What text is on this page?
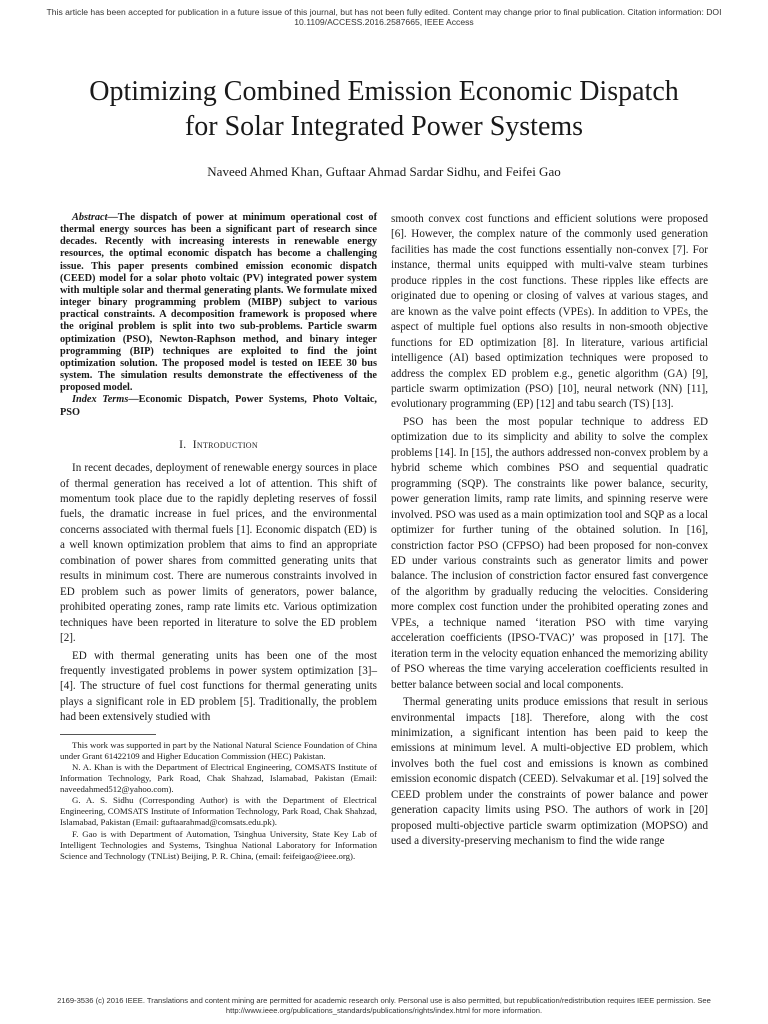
This article has been accepted for publication in a future issue of this journal, but has not been fully edited. Content may change prior to final publication. Citation information: DOI 10.1109/ACCESS.2016.2587665, IEEE Access
Optimizing Combined Emission Economic Dispatch
for Solar Integrated Power Systems
Naveed Ahmed Khan, Guftaar Ahmad Sardar Sidhu, and Feifei Gao

Abstract—The dispatch of power at minimum operational cost of thermal energy sources has been a significant part of research since decades. Recently with increasing interests in renewable energy resources, the optimal economic dispatch has become a challenging issue. This paper presents combined emission economic dispatch (CEED) model for a solar photo voltaic (PV) integrated power system with multiple solar and thermal generating plants. We formulate mixed integer binary programming problem (MIBP) subject to various practical constraints. A decomposition framework is proposed where the original problem is split into two sub-problems. Particle swarm optimization (PSO), Newton-Raphson method, and binary integer programming (BIP) techniques are exploited to find the joint optimization solution. The proposed model is tested on IEEE 30 bus system. The simulation results demonstrate the effectiveness of the proposed model.

Index Terms—Economic Dispatch, Power Systems, Photo Voltaic, PSO

I. Introduction

In recent decades, deployment of renewable energy sources in place of thermal generation has received a lot of attention. This shift of momentum took place due to the rapidly depleting reserves of fossil fuels, the dramatic increase in fuel prices, and the environmental concerns associated with thermal fuels [1]. Economic dispatch (ED) is a well known optimization problem that aims to find an appropriate combination of power shares from committed generating units that results in minimum cost. There are numerous constraints involved in ED problem such as power limits of generators, power balance, prohibited operating zones, ramp rate limits etc. Various optimization techniques have been reported in literature to solve the ED problem [2].

ED with thermal generating units has been one of the most frequently investigated problems in power system optimization [3]– [4]. The structure of fuel cost functions for thermal generating units plays a significant role in ED problem [5]. Traditionally, the problem had been extensively studied with

This work was supported in part by the National Natural Science Foundation of China under Grant 61422109 and Higher Education Commission (HEC) Pakistan.

N. A. Khan is with the Department of Electrical Engineering, COMSATS Institute of Information Technology, Park Road, Chak Shahzad, Islamabad, Pakistan (Email: naveedahmed512@yahoo.com).

G. A. S. Sidhu (Corresponding Author) is with the Department of Electrical Engineering, COMSATS Institute of Information Technology, Park Road, Chak Shahzad, Islamabad, Pakistan (Email: guftaarahmad@comsats.edu.pk).

F. Gao is with Department of Automation, Tsinghua University, State Key Lab of Intelligent Technologies and Systems, Tsinghua National Laboratory for Information Science and Technology (TNList) Beijing, P. R. China, (email: feifeigao@ieee.org).

smooth convex cost functions and efficient solutions were proposed [6]. However, the complex nature of the commonly used generation facilities has made the cost functions essentially non-convex [7]. For instance, thermal units equipped with multi-valve steam turbines produce ripples in the cost functions. These ripples like effects are originated due to opening or closing of valves at various stages, and are known as the valve point effects (VPEs). In addition to VPEs, the aspect of multiple fuel options also results in non-smooth objective functions for ED optimization [8]. In literature, various artificial intelligence (AI) based optimization techniques were proposed to address the complex ED problem e.g., genetic algorithm (GA) [9], particle swarm optimization (PSO) [10], neural network (NN) [11], evolutionary programming (EP) [12] and tabu search (TS) [13].

PSO has been the most popular technique to address ED optimization due to its simplicity and ability to solve the complex problems [14]. In [15], the authors addressed non-convex problem by a hybrid scheme which combines PSO and sequential quadratic programming (SQP). The constraints like power balance, security, power generation limits, ramp rate limits, and spinning reserve were involved. PSO was used as a main optimization tool and SQP as a local optimizer for further tuning of the obtained solution. In [16], constriction factor PSO (CFPSO) had been proposed for non-convex ED under various constraints such as generator limits and power balance. The inclusion of constriction factor ensured fast convergence of the algorithm by gradually reducing the velocities. Considering more complex cost function under the prohibited operating zones and VPEs, a technique named ‘iteration PSO with time varying acceleration coefficients (IPSO-TVAC)’ was proposed in [17]. The iteration term in the velocity equation enhanced the memorizing ability of PSO whereas the time varying acceleration coefficients resulted in better balance between social and local components.

Thermal generating units produce emissions that result in serious environmental impacts [18]. Therefore, along with the cost minimization, a significant intention has been paid to keep the emissions at minimum level. A multi-objective ED problem, which involves both the fuel cost and emissions is known as combined emission economic dispatch (CEED). Selvakumar et al. [19] solved the CEED problem under the constraints of power balance and power generation capacity limits using PSO. The authors of work in [20] proposed multi-objective particle swarm optimization (MOPSO) and used a diversity-preserving mechanism to find the wide range

2169-3536 (c) 2016 IEEE. Translations and content mining are permitted for academic research only. Personal use is also permitted, but republication/redistribution requires IEEE permission. See
http://www.ieee.org/publications_standards/publications/rights/index.html for more information.
